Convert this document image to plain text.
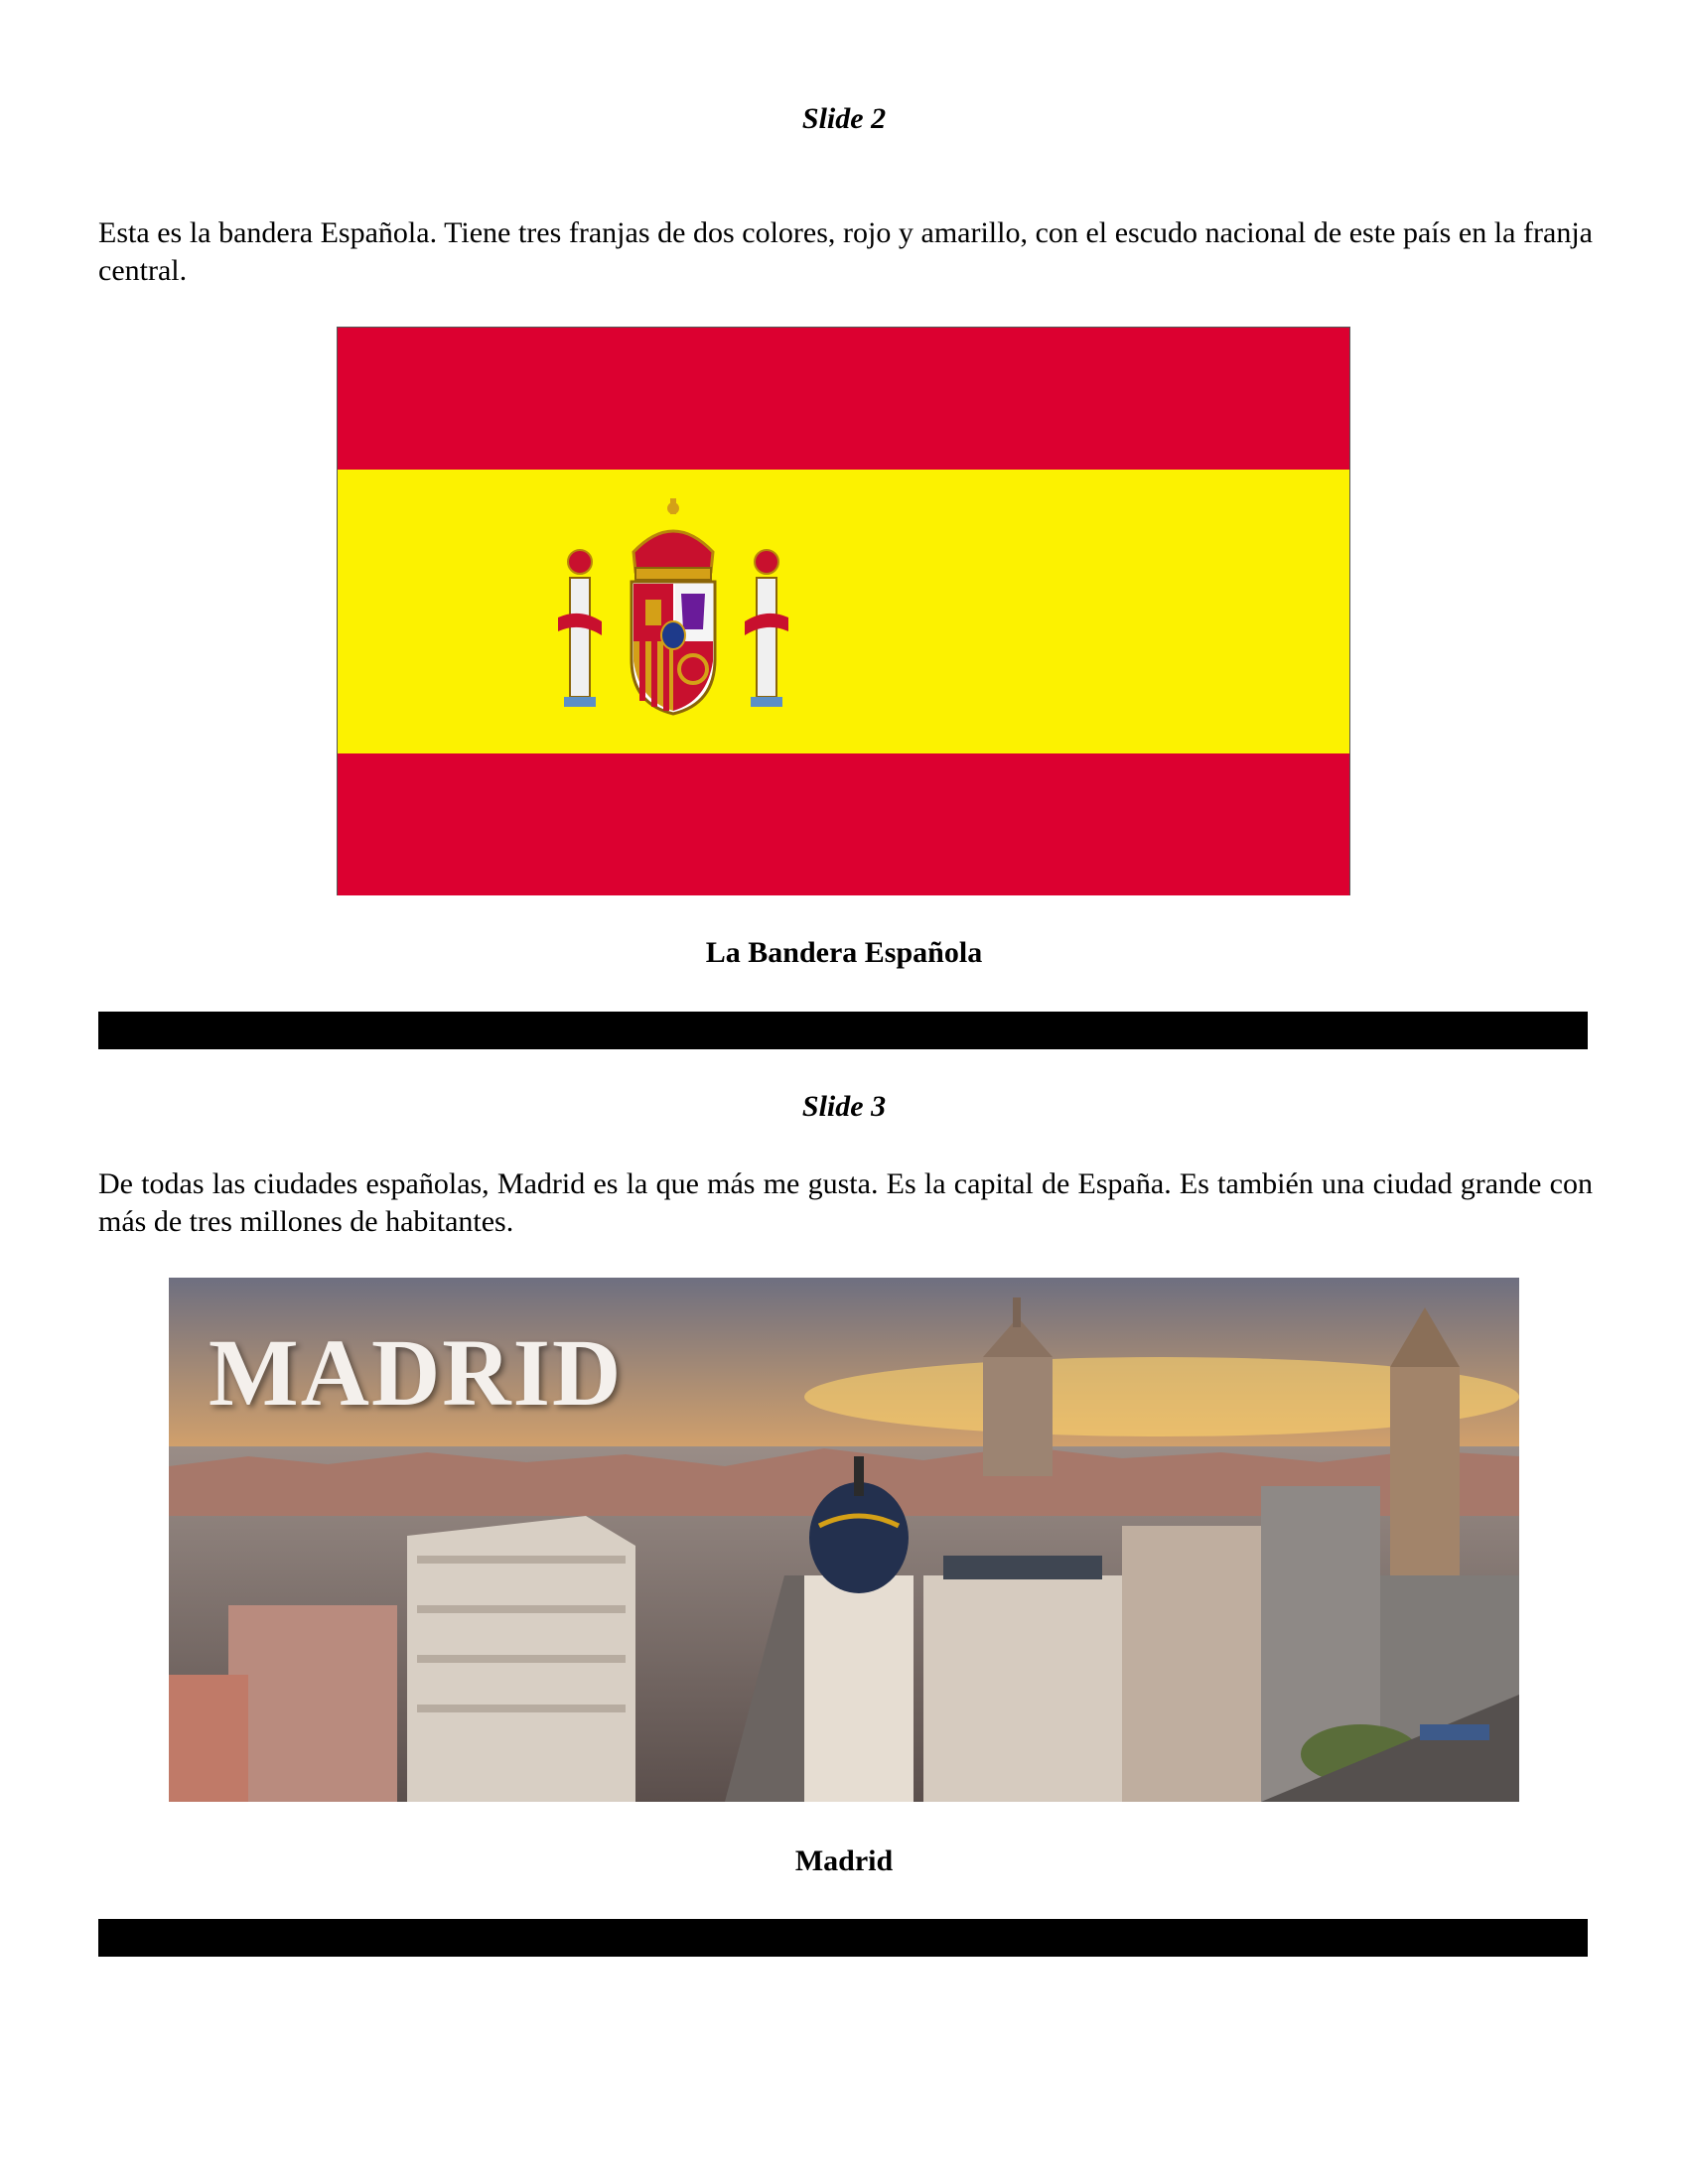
Slide 2
Esta es la bandera Española. Tiene tres franjas de dos colores, rojo y amarillo, con el escudo nacional de este país en la franja central.
La Bandera Española
Slide 3
De todas las ciudades españolas, Madrid es la que más me gusta. Es la capital de España. Es también una ciudad grande con más de tres millones de habitantes.
MADRID
Madrid
